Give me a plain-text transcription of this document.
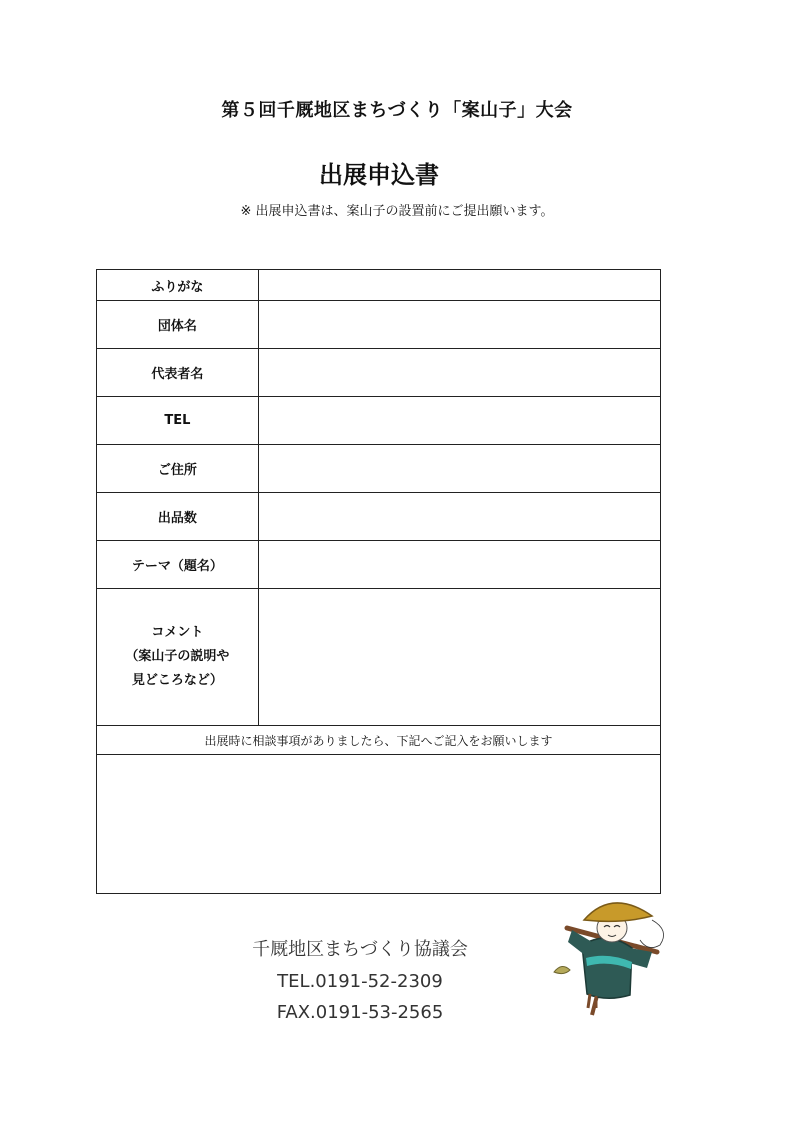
第５回千厩地区まちづくり「案山子」大会
出展申込書
※ 出展申込書は、案山子の設置前にご提出願います。
ふりがな	
団体名	
代表者名	
TEL	
ご住所	
出品数	
テーマ（題名）	

コメント
（案山子の説明や
見どころなど）	

出展時に相談事項がありましたら、下記へご記入をお願いします	

千厩地区まちづくり協議会
TEL.0191-52-2309
FAX.0191-53-2565
